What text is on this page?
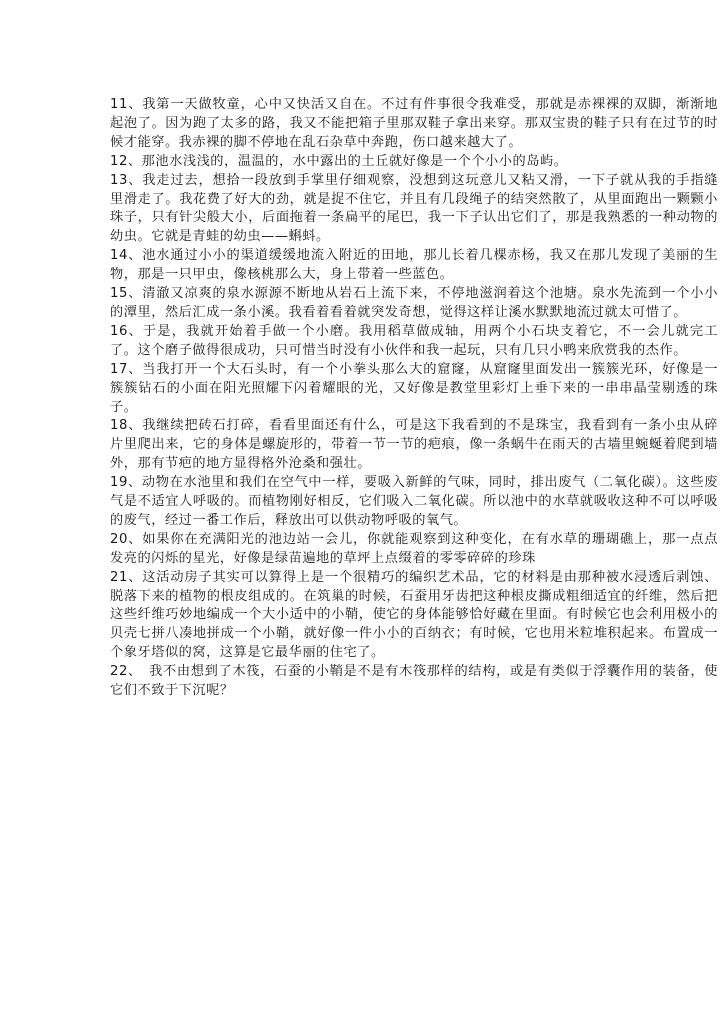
11、我第一天做牧童，心中又快活又自在。不过有件事很令我难受，那就是赤裸裸的双脚，渐渐地起泡了。因为跑了太多的路，我又不能把箱子里那双鞋子拿出来穿。那双宝贵的鞋子只有在过节的时候才能穿。我赤裸的脚不停地在乱石杂草中奔跑，伤口越来越大了。

12、那池水浅浅的，温温的，水中露出的土丘就好像是一个个小小的岛屿。

13、我走过去，想拾一段放到手掌里仔细观察，没想到这玩意儿又粘又滑，一下子就从我的手指缝里滑走了。我花费了好大的劲，就是捉不住它，并且有几段绳子的结突然散了，从里面跑出一颗颗小珠子，只有针尖般大小，后面拖着一条扁平的尾巴，我一下子认出它们了，那是我熟悉的一种动物的幼虫。它就是青蛙的幼虫——蝌蚪。

14、池水通过小小的渠道缓缓地流入附近的田地，那儿长着几棵赤杨，我又在那儿发现了美丽的生物，那是一只甲虫，像核桃那么大，身上带着一些蓝色。

15、清澈又凉爽的泉水源源不断地从岩石上流下来，不停地滋润着这个池塘。泉水先流到一个小小的潭里，然后汇成一条小溪。我看着看着就突发奇想，觉得这样让溪水默默地流过就太可惜了。

16、于是，我就开始着手做一个小磨。我用稻草做成轴，用两个小石块支着它，不一会儿就完工了。这个磨子做得很成功，只可惜当时没有小伙伴和我一起玩，只有几只小鸭来欣赏我的杰作。

17、当我打开一个大石头时，有一个小拳头那么大的窟窿，从窟窿里面发出一簇簇光环，好像是一簇簇钻石的小面在阳光照耀下闪着耀眼的光，又好像是教堂里彩灯上垂下来的一串串晶莹剔透的珠子。

18、我继续把砖石打碎，看看里面还有什么，可是这下我看到的不是珠宝，我看到有一条小虫从碎片里爬出来，它的身体是螺旋形的，带着一节一节的疤痕，像一条蜗牛在雨天的古墙里蜿蜒着爬到墙外，那有节疤的地方显得格外沧桑和强壮。

19、动物在水池里和我们在空气中一样，要吸入新鲜的气味，同时，排出废气（二氧化碳）。这些废气是不适宜人呼吸的。而植物刚好相反，它们吸入二氧化碳。所以池中的水草就吸收这种不可以呼吸的废气，经过一番工作后，释放出可以供动物呼吸的氧气。

20、如果你在充满阳光的池边站一会儿，你就能观察到这种变化，在有水草的珊瑚礁上，那一点点发亮的闪烁的星光，好像是绿苗遍地的草坪上点缀着的零零碎碎的珍珠

21、这活动房子其实可以算得上是一个很精巧的编织艺术品，它的材料是由那种被水浸透后剥蚀、脱落下来的植物的根皮组成的。在筑巢的时候，石蚕用牙齿把这种根皮撕成粗细适宜的纤维，然后把这些纤维巧妙地编成一个大小适中的小鞘，使它的身体能够恰好藏在里面。有时候它也会利用极小的贝壳七拼八凑地拼成一个小鞘，就好像一件小小的百纳衣；有时候，它也用米粒堆积起来。布置成一个象牙塔似的窝，这算是它最华丽的住宅了。

22、　我不由想到了木筏，石蚕的小鞘是不是有木筏那样的结构，或是有类似于浮囊作用的装备，使它们不致于下沉呢？
